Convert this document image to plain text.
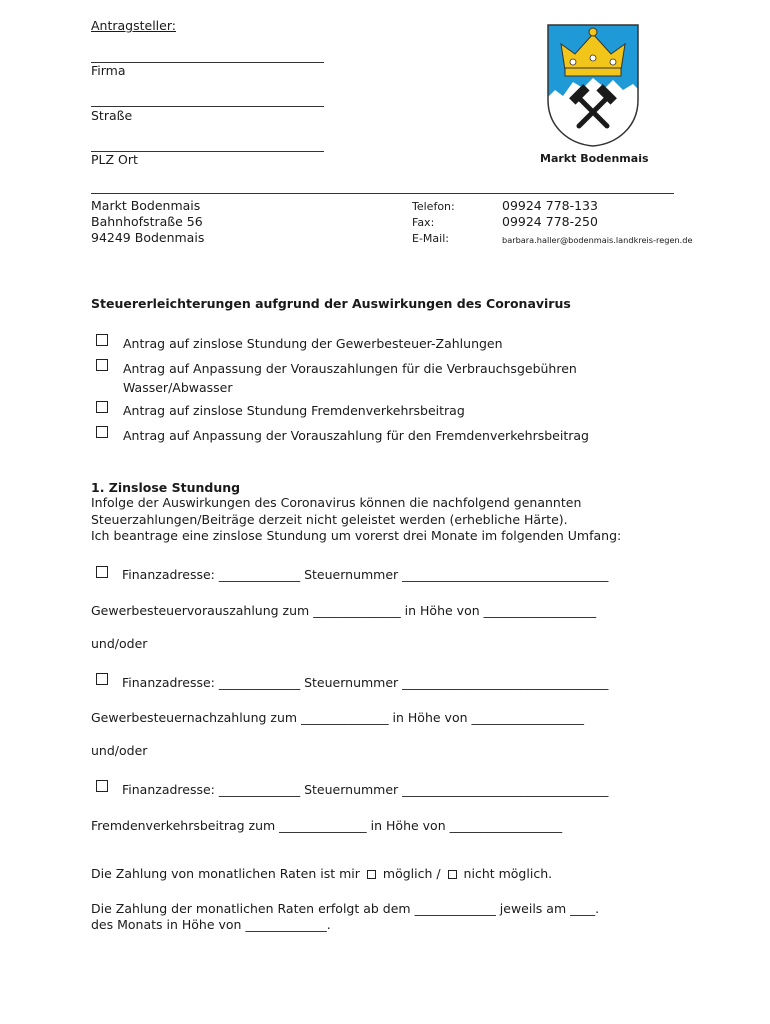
Antragsteller:
Firma
Straße
PLZ Ort	Markt Bodenmais
Markt Bodenmais
Bahnhofstraße 56
94249 Bodenmais
Telefon:	09924 778-133
Fax:	09924 778-250
E-Mail:	barbara.haller@bodenmais.landkreis-regen.de
Steuererleichterungen aufgrund der Auswirkungen des Coronavirus
Antrag auf zinslose Stundung der Gewerbesteuer-Zahlungen
Antrag auf Anpassung der Vorauszahlungen für die Verbrauchsgebühren
Wasser/Abwasser
Antrag auf zinslose Stundung Fremdenverkehrsbeitrag
Antrag auf Anpassung der Vorauszahlung für den Fremdenverkehrsbeitrag
1. Zinslose Stundung
Infolge der Auswirkungen des Coronavirus können die nachfolgend genannten
Steuerzahlungen/Beiträge derzeit nicht geleistet werden (erhebliche Härte).
Ich beantrage eine zinslose Stundung um vorerst drei Monate im folgenden Umfang:
Finanzadresse: _____________ Steuernummer _________________________________
Gewerbesteuervorauszahlung zum ______________ in Höhe von __________________
und/oder
Finanzadresse: _____________ Steuernummer _________________________________
Gewerbesteuernachzahlung zum ______________ in Höhe von __________________
und/oder
Finanzadresse: _____________ Steuernummer _________________________________
Fremdenverkehrsbeitrag zum ______________ in Höhe von __________________
Die Zahlung von monatlichen Raten ist mir möglich / nicht möglich.
Die Zahlung der monatlichen Raten erfolgt ab dem _____________ jeweils am ____.
des Monats in Höhe von _____________.
